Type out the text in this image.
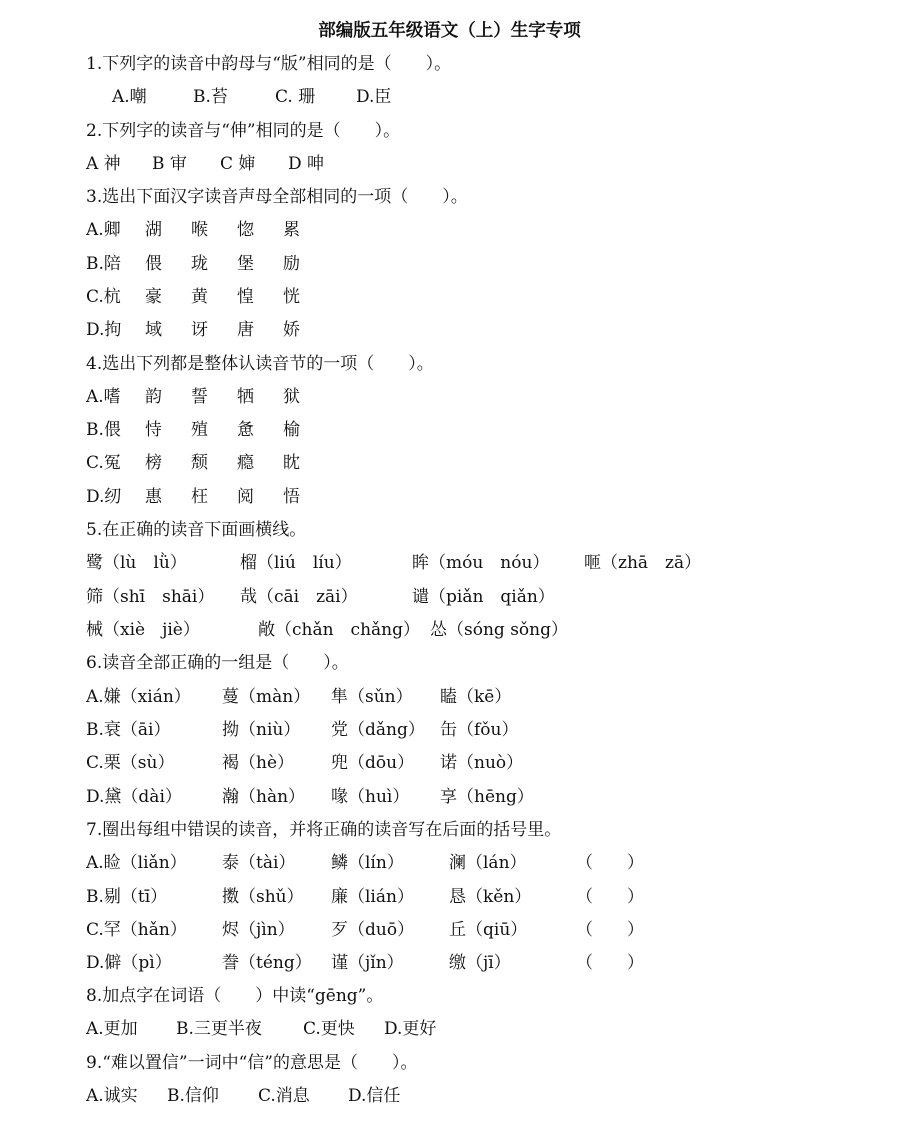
部编版五年级语文（上）生字专项
1.下列字的读音中韵母与“版”相同的是（　　）。
A.嘲	B.苔	C. 珊 D.臣
2.下列字的读音与“伸”相同的是（　　）。
A 神 B 审 C 婶 D 呻
3.选出下面汉字读音声母全部相同的一项（　　）。
A.卿 湖 喉 惚 累
B.陪 偎 珑 堡 励
C.杭 豪 黄 惶 恍
D.拘 域 讶 唐 娇
4.选出下列都是整体认读音节的一项（　　）。
A.嗜 韵 誓 牺 狱
B.偎 恃 殖 惫 榆
C.冤 榜 颓 瘾 眈
D.纫 惠 枉 阅 悟
5.在正确的读音下面画横线。
鹭（lù　lǜ）	榴（liú　líu）	眸（móu　nóu） 咂（zhā　zā）
筛（shī　shāi） 哉（cāi　zāi）	谴（piǎn　qiǎn）
械（xiè　jiè）	敞（chǎn　chǎng） 怂（sóng sǒng）
6.读音全部正确的一组是（　　）。
A.嫌（xián） 蔓（màn） 隼（sǔn） 瞌（kē）
B.衰（āi）	拗（niù） 党（dǎng） 缶（fǒu）
C.栗（sù）	褐（hè） 兜（dōu） 诺（nuò）
D.黛（dài） 瀚（hàn） 喙（huì） 享（hēng）
7.圈出每组中错误的读音，并将正确的读音写在后面的括号里。
A.睑（liǎn） 泰（tài） 鳞（lín）	澜（lán）	（　　）
B.剔（tī）	擞（shǔ） 廉（lián） 恳（kěn）	（　　）
C.罕（hǎn） 烬（jìn） 歹（duō） 丘（qiū）	（　　）
D.僻（pì）	誊（téng） 谨（jǐn）	缴（jī）	（　　）
8.加点字在词语（　　）中读“gēng”。
A.更加 B.三更半夜 C.更快 D.更好
9.“难以置信”一词中“信”的意思是（　　）。
A.诚实 B.信仰 C.消息 D.信任
